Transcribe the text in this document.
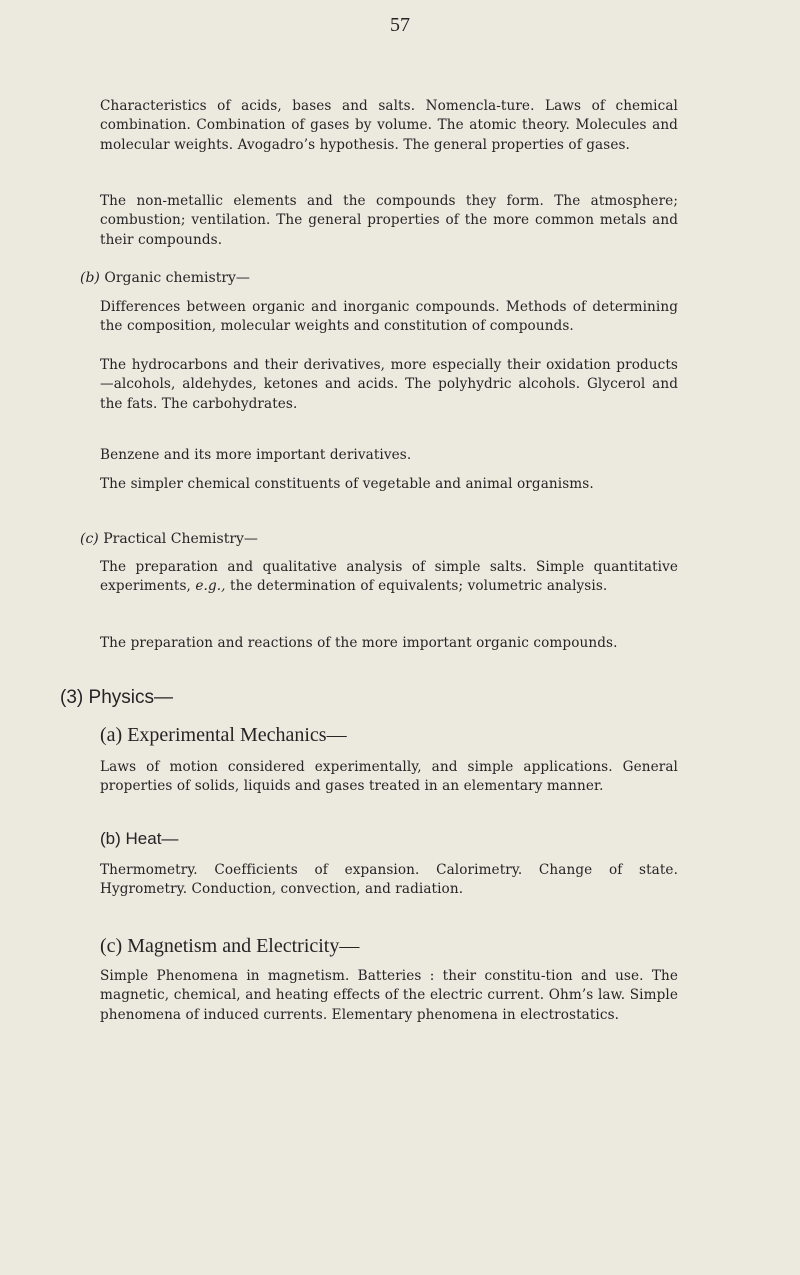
57

Characteristics of acids, bases and salts. Nomencla-ture. Laws of chemical combination. Combination of gases by volume. The atomic theory. Molecules and molecular weights. Avogadro’s hypothesis. The general properties of gases.

The non-metallic elements and the compounds they form. The atmosphere; combustion; ventilation. The general properties of the more common metals and their compounds.

(b) Organic chemistry—

Differences between organic and inorganic compounds. Methods of determining the composition, molecular weights and constitution of compounds.

The hydrocarbons and their derivatives, more especially their oxidation products—alcohols, aldehydes, ketones and acids. The polyhydric alcohols. Glycerol and the fats. The carbohydrates.

Benzene and its more important derivatives.

The simpler chemical constituents of vegetable and animal organisms.

(c) Practical Chemistry—

The preparation and qualitative analysis of simple salts. Simple quantitative experiments, e.g., the determination of equivalents; volumetric analysis.

The preparation and reactions of the more important organic compounds.

(3) Physics—

(a) Experimental Mechanics—

Laws of motion considered experimentally, and simple applications. General properties of solids, liquids and gases treated in an elementary manner.

(b) Heat—

Thermometry. Coefficients of expansion. Calorimetry. Change of state. Hygrometry. Conduction, convection, and radiation.

(c) Magnetism and Electricity—

Simple Phenomena in magnetism. Batteries : their constitu-tion and use. The magnetic, chemical, and heating effects of the electric current. Ohm’s law. Simple phenomena of induced currents. Elementary phenomena in electrostatics.
